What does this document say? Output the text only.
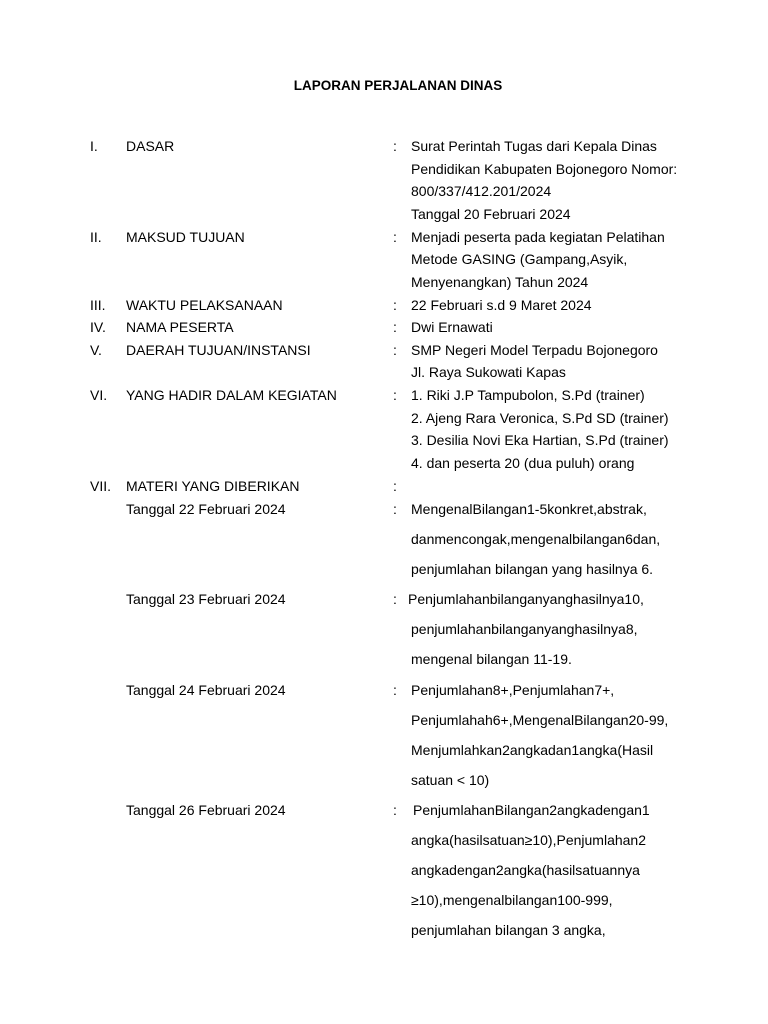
LAPORAN PERJALANAN DINAS
I. DASAR	: Surat Perintah Tugas dari Kepala Dinas
Pendidikan Kabupaten Bojonegoro Nomor:
800/337/412.201/2024
Tanggal 20 Februari 2024
II. MAKSUD TUJUAN	: Menjadi peserta pada kegiatan Pelatihan
Metode GASING (Gampang,Asyik,
Menyenangkan) Tahun 2024
III. WAKTU PELAKSANAAN	: 22 Februari s.d 9 Maret 2024
IV. NAMA PESERTA	: Dwi Ernawati
V. DAERAH TUJUAN/INSTANSI	: SMP Negeri Model Terpadu Bojonegoro
Jl. Raya Sukowati Kapas
VI. YANG HADIR DALAM KEGIATAN	: 1. Riki J.P Tampubolon, S.Pd (trainer)
2. Ajeng Rara Veronica, S.Pd SD (trainer)
3. Desilia Novi Eka Hartian, S.Pd (trainer)
4. dan peserta 20 (dua puluh) orang
VII. MATERI YANG DIBERIKAN	:
Tanggal 22 Februari 2024	: MengenalBilangan1-5konkret,abstrak,
danmencongak,mengenalbilangan6dan,
penjumlahan bilangan yang hasilnya 6.
Tanggal 23 Februari 2024	: Penjumlahanbilanganyanghasilnya10,
penjumlahanbilanganyanghasilnya8,
mengenal bilangan 11-19.
Tanggal 24 Februari 2024	: Penjumlahan8+,Penjumlahan7+,
Penjumlahah6+,MengenalBilangan20-99,
Menjumlahkan2angkadan1angka(Hasil
satuan < 10)
Tanggal 26 Februari 2024	: PenjumlahanBilangan2angkadengan1
angka(hasilsatuan≥10),Penjumlahan2
angkadengan2angka(hasilsatuannya
≥10),mengenalbilangan100-999,
penjumlahan bilangan 3 angka,
